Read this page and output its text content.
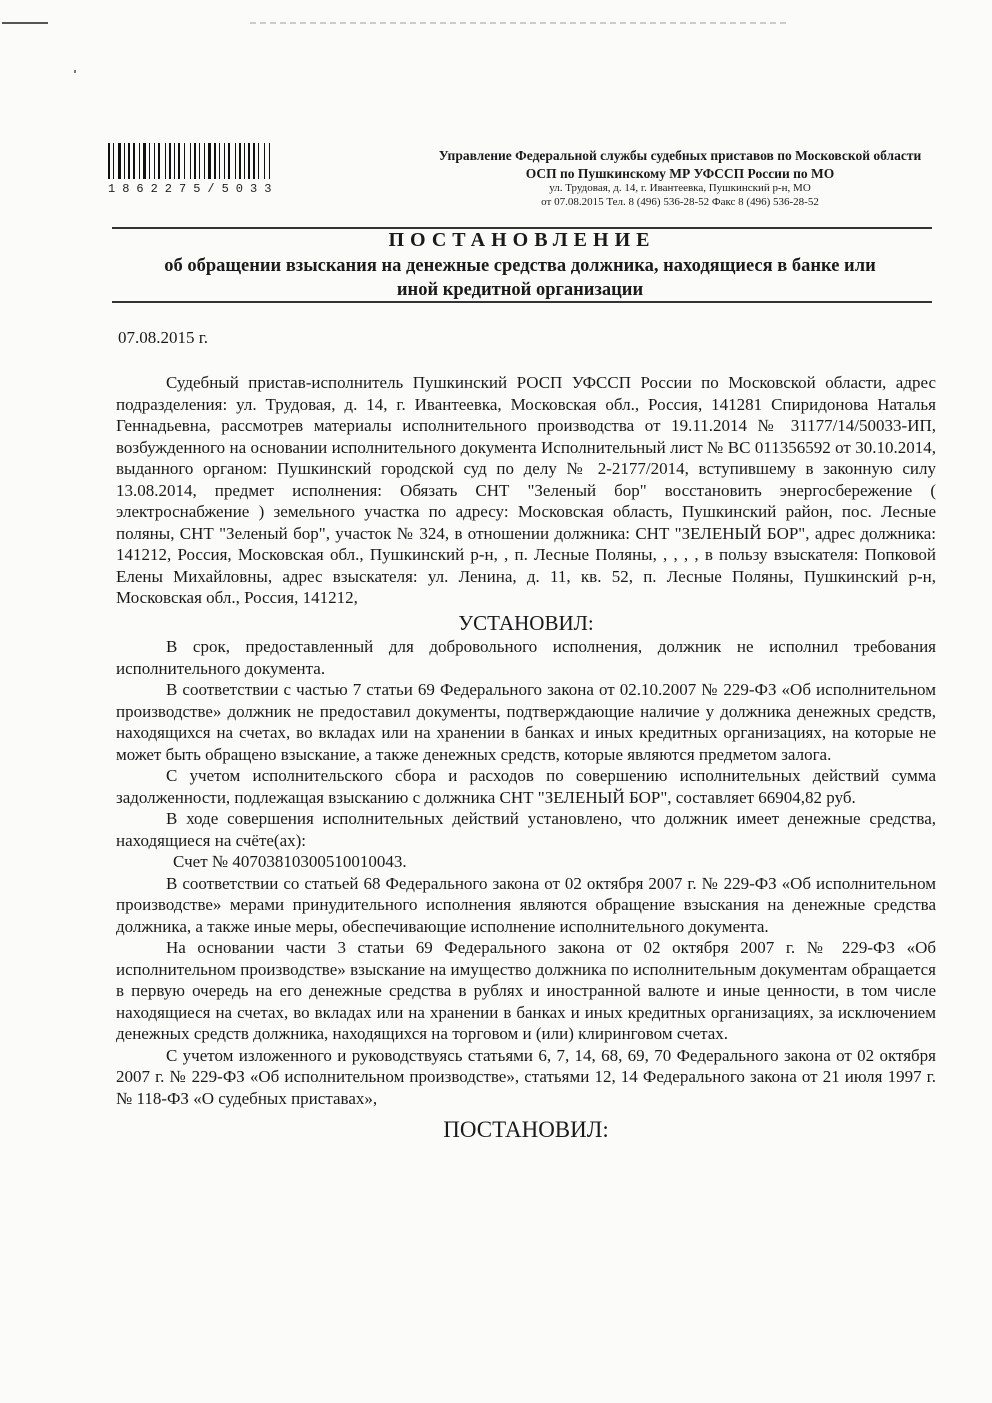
1862275/5033
Управление Федеральной службы судебных приставов по Московской области
ОСП по Пушкинскому МР УФССП России по МО
ул. Трудовая, д. 14, г. Ивантеевка, Пушкинский р-н, МО
от 07.08.2015 Тел. 8 (496) 536-28-52 Факс 8 (496) 536-28-52
ПОСТАНОВЛЕНИЕ
об обращении взыскания на денежные средства должника, находящиеся в банке или иной кредитной организации
07.08.2015 г.

Судебный пристав-исполнитель Пушкинский РОСП УФССП России по Московской области, адрес подразделения: ул. Трудовая, д. 14, г. Ивантеевка, Московская обл., Россия, 141281 Спиридонова Наталья Геннадьевна, рассмотрев материалы исполнительного производства от 19.11.2014 № 31177/14/50033-ИП, возбужденного на основании исполнительного документа Исполнительный лист № ВС 011356592 от 30.10.2014, выданного органом: Пушкинский городской суд по делу № 2-2177/2014, вступившему в законную силу 13.08.2014, предмет исполнения: Обязать СНТ "Зеленый бор" восстановить энергосбережение ( электроснабжение ) земельного участка по адресу: Московская область, Пушкинский район, пос. Лесные поляны, СНТ "Зеленый бор", участок № 324, в отношении должника: СНТ "ЗЕЛЕНЫЙ БОР", адрес должника: 141212, Россия, Московская обл., Пушкинский р-н, , п. Лесные Поляны, , , , , в пользу взыскателя: Попковой Елены Михайловны, адрес взыскателя: ул. Ленина, д. 11, кв. 52, п. Лесные Поляны, Пушкинский р-н, Московская обл., Россия, 141212,

УСТАНОВИЛ:

В срок, предоставленный для добровольного исполнения, должник не исполнил требования исполнительного документа.

В соответствии с частью 7 статьи 69 Федерального закона от 02.10.2007 № 229-ФЗ «Об исполнительном производстве» должник не предоставил документы, подтверждающие наличие у должника денежных средств, находящихся на счетах, во вкладах или на хранении в банках и иных кредитных организациях, на которые не может быть обращено взыскание, а также денежных средств, которые являются предметом залога.

С учетом исполнительского сбора и расходов по совершению исполнительных действий сумма задолженности, подлежащая взысканию с должника СНТ "ЗЕЛЕНЫЙ БОР", составляет 66904,82 руб.

В ходе совершения исполнительных действий установлено, что должник имеет денежные средства, находящиеся на счёте(ах):

Счет № 40703810300510010043.

В соответствии со статьей 68 Федерального закона от 02 октября 2007 г. № 229-ФЗ «Об исполнительном производстве» мерами принудительного исполнения являются обращение взыскания на денежные средства должника, а также иные меры, обеспечивающие исполнение исполнительного документа.

На основании части 3 статьи 69 Федерального закона от 02 октября 2007 г. № 229-ФЗ «Об исполнительном производстве» взыскание на имущество должника по исполнительным документам обращается в первую очередь на его денежные средства в рублях и иностранной валюте и иные ценности, в том числе находящиеся на счетах, во вкладах или на хранении в банках и иных кредитных организациях, за исключением денежных средств должника, находящихся на торговом и (или) клиринговом счетах.

С учетом изложенного и руководствуясь статьями 6, 7, 14, 68, 69, 70 Федерального закона от 02 октября 2007 г. № 229-ФЗ «Об исполнительном производстве», статьями 12, 14 Федерального закона от 21 июля 1997 г. № 118-ФЗ «О судебных приставах»,

ПОСТАНОВИЛ:
